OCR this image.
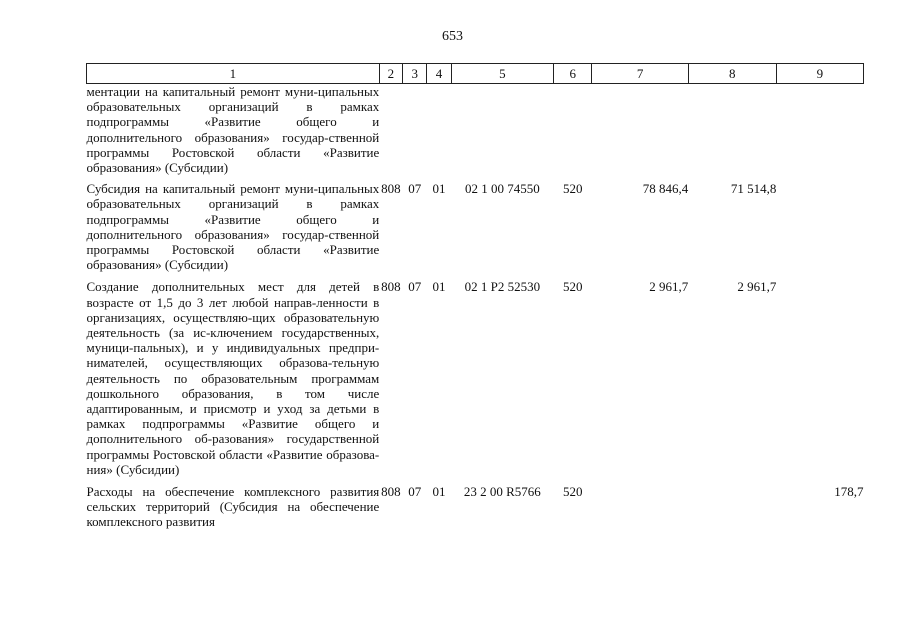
653
1	2	3	4	5	6	7	8	9
ментации на капитальный ремонт муни-ципальных образовательных организаций в рамках подпрограммы «Развитие общего и дополнительного образования» государ-ственной программы Ростовской области «Развитие образования» (Субсидии)								
Субсидия на капитальный ремонт муни-ципальных образовательных организаций в рамках подпрограммы «Развитие общего и дополнительного образования» государ-ственной программы Ростовской области «Развитие образования» (Субсидии)	808	07	01	02 1 00 74550	520	78 846,4	71 514,8	
Создание дополнительных мест для детей в возрасте от 1,5 до 3 лет любой направ-ленности в организациях, осуществляю-щих образовательную деятельность (за ис-ключением государственных, муници-пальных), и у индивидуальных предпри-нимателей, осуществляющих образова-тельную деятельность по образовательным программам дошкольного образования, в том числе адаптированным, и присмотр и уход за детьми в рамках подпрограммы «Развитие общего и дополнительного об-разования» государственной программы Ростовской области «Развитие образова-ния» (Субсидии)	808	07	01	02 1 P2 52530	520	2 961,7	2 961,7	
Расходы на обеспечение комплексного развития сельских территорий (Субсидия на обеспечение комплексного развития	808	07	01	23 2 00 R5766	520			178,7
